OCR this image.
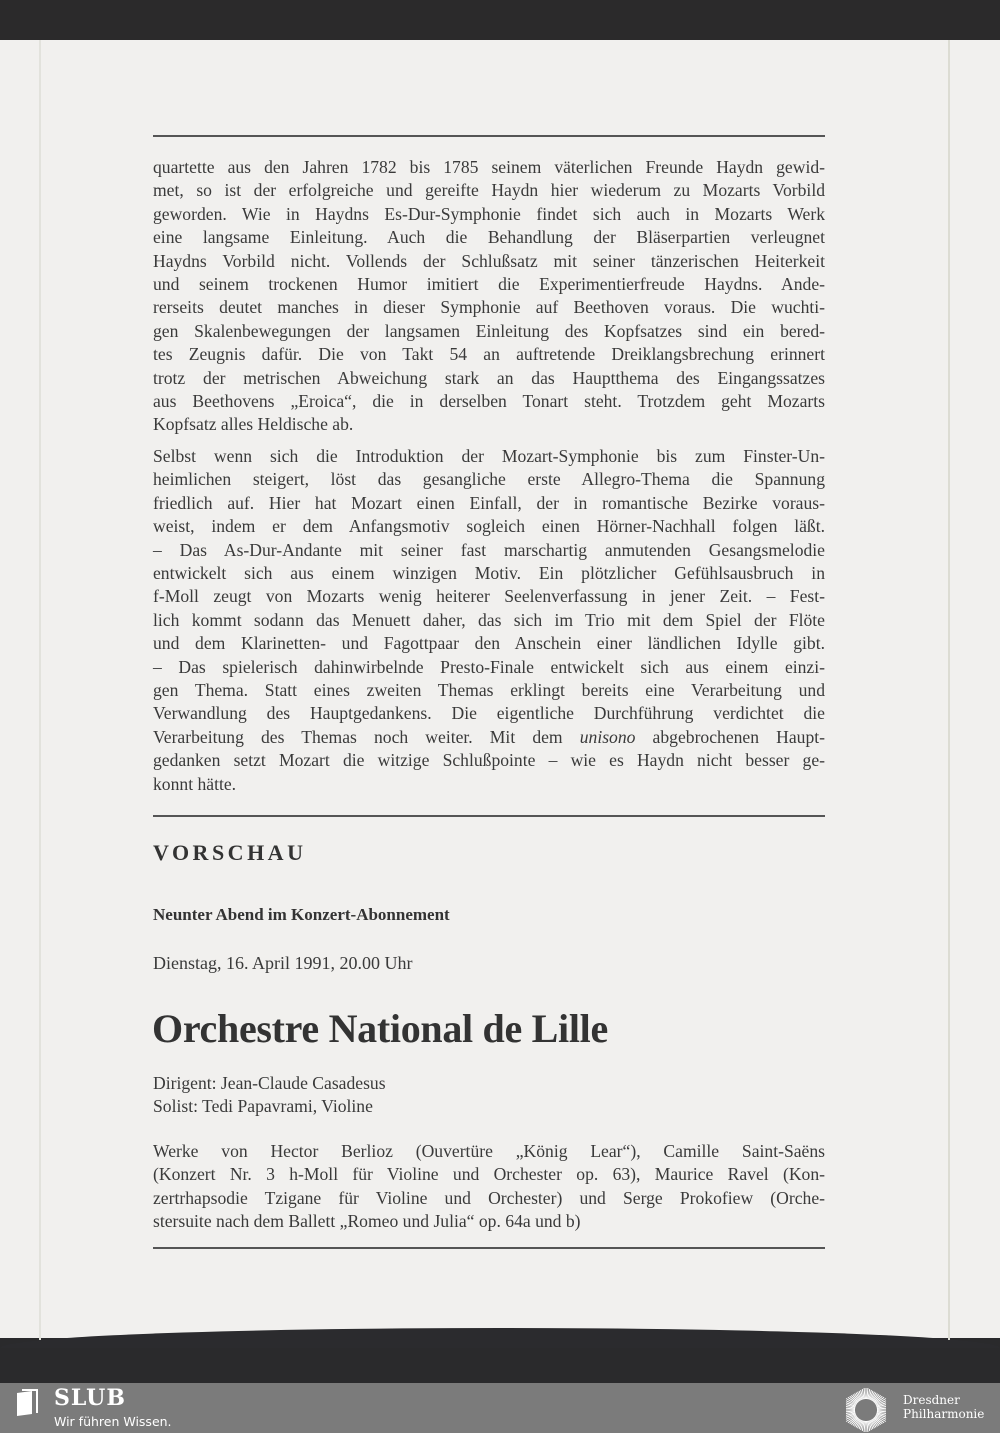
quartette aus den Jahren 1782 bis 1785 seinem väterlichen Freunde Haydn gewid-
met, so ist der erfolgreiche und gereifte Haydn hier wiederum zu Mozarts Vorbild
geworden. Wie in Haydns Es-Dur-Symphonie findet sich auch in Mozarts Werk
eine langsame Einleitung. Auch die Behandlung der Bläserpartien verleugnet
Haydns Vorbild nicht. Vollends der Schlußsatz mit seiner tänzerischen Heiterkeit
und seinem trockenen Humor imitiert die Experimentierfreude Haydns. Ande-
rerseits deutet manches in dieser Symphonie auf Beethoven voraus. Die wuchti-
gen Skalenbewegungen der langsamen Einleitung des Kopfsatzes sind ein bered-
tes Zeugnis dafür. Die von Takt 54 an auftretende Dreiklangsbrechung erinnert
trotz der metrischen Abweichung stark an das Hauptthema des Eingangssatzes
aus Beethovens „Eroica“, die in derselben Tonart steht. Trotzdem geht Mozarts
Kopfsatz alles Heldische ab.

Selbst wenn sich die Introduktion der Mozart-Symphonie bis zum Finster-Un-
heimlichen steigert, löst das gesangliche erste Allegro-Thema die Spannung
friedlich auf. Hier hat Mozart einen Einfall, der in romantische Bezirke voraus-
weist, indem er dem Anfangsmotiv sogleich einen Hörner-Nachhall folgen läßt.
– Das As-Dur-Andante mit seiner fast marschartig anmutenden Gesangsmelodie
entwickelt sich aus einem winzigen Motiv. Ein plötzlicher Gefühlsausbruch in
f-Moll zeugt von Mozarts wenig heiterer Seelenverfassung in jener Zeit. – Fest-
lich kommt sodann das Menuett daher, das sich im Trio mit dem Spiel der Flöte
und dem Klarinetten- und Fagottpaar den Anschein einer ländlichen Idylle gibt.
– Das spielerisch dahinwirbelnde Presto-Finale entwickelt sich aus einem einzi-
gen Thema. Statt eines zweiten Themas erklingt bereits eine Verarbeitung und
Verwandlung des Hauptgedankens. Die eigentliche Durchführung verdichtet die
Verarbeitung des Themas noch weiter. Mit dem unisono abgebrochenen Haupt-
gedanken setzt Mozart die witzige Schlußpointe – wie es Haydn nicht besser ge-
konnt hätte.

VORSCHAU
Neunter Abend im Konzert-Abonnement
Dienstag, 16. April 1991, 20.00 Uhr
Orchestre National de Lille
Dirigent: Jean-Claude Casadesus
Solist: Tedi Papavrami, Violine
Werke von Hector Berlioz (Ouvertüre „König Lear“), Camille Saint-Saëns
(Konzert Nr. 3 h-Moll für Violine und Orchester op. 63), Maurice Ravel (Kon-
zertrhapsodie Tzigane für Violine und Orchester) und Serge Prokofiew (Orche-
stersuite nach dem Ballett „Romeo und Julia“ op. 64a und b)
SLUB
Wir führen Wissen.
Dresdner
Philharmonie
